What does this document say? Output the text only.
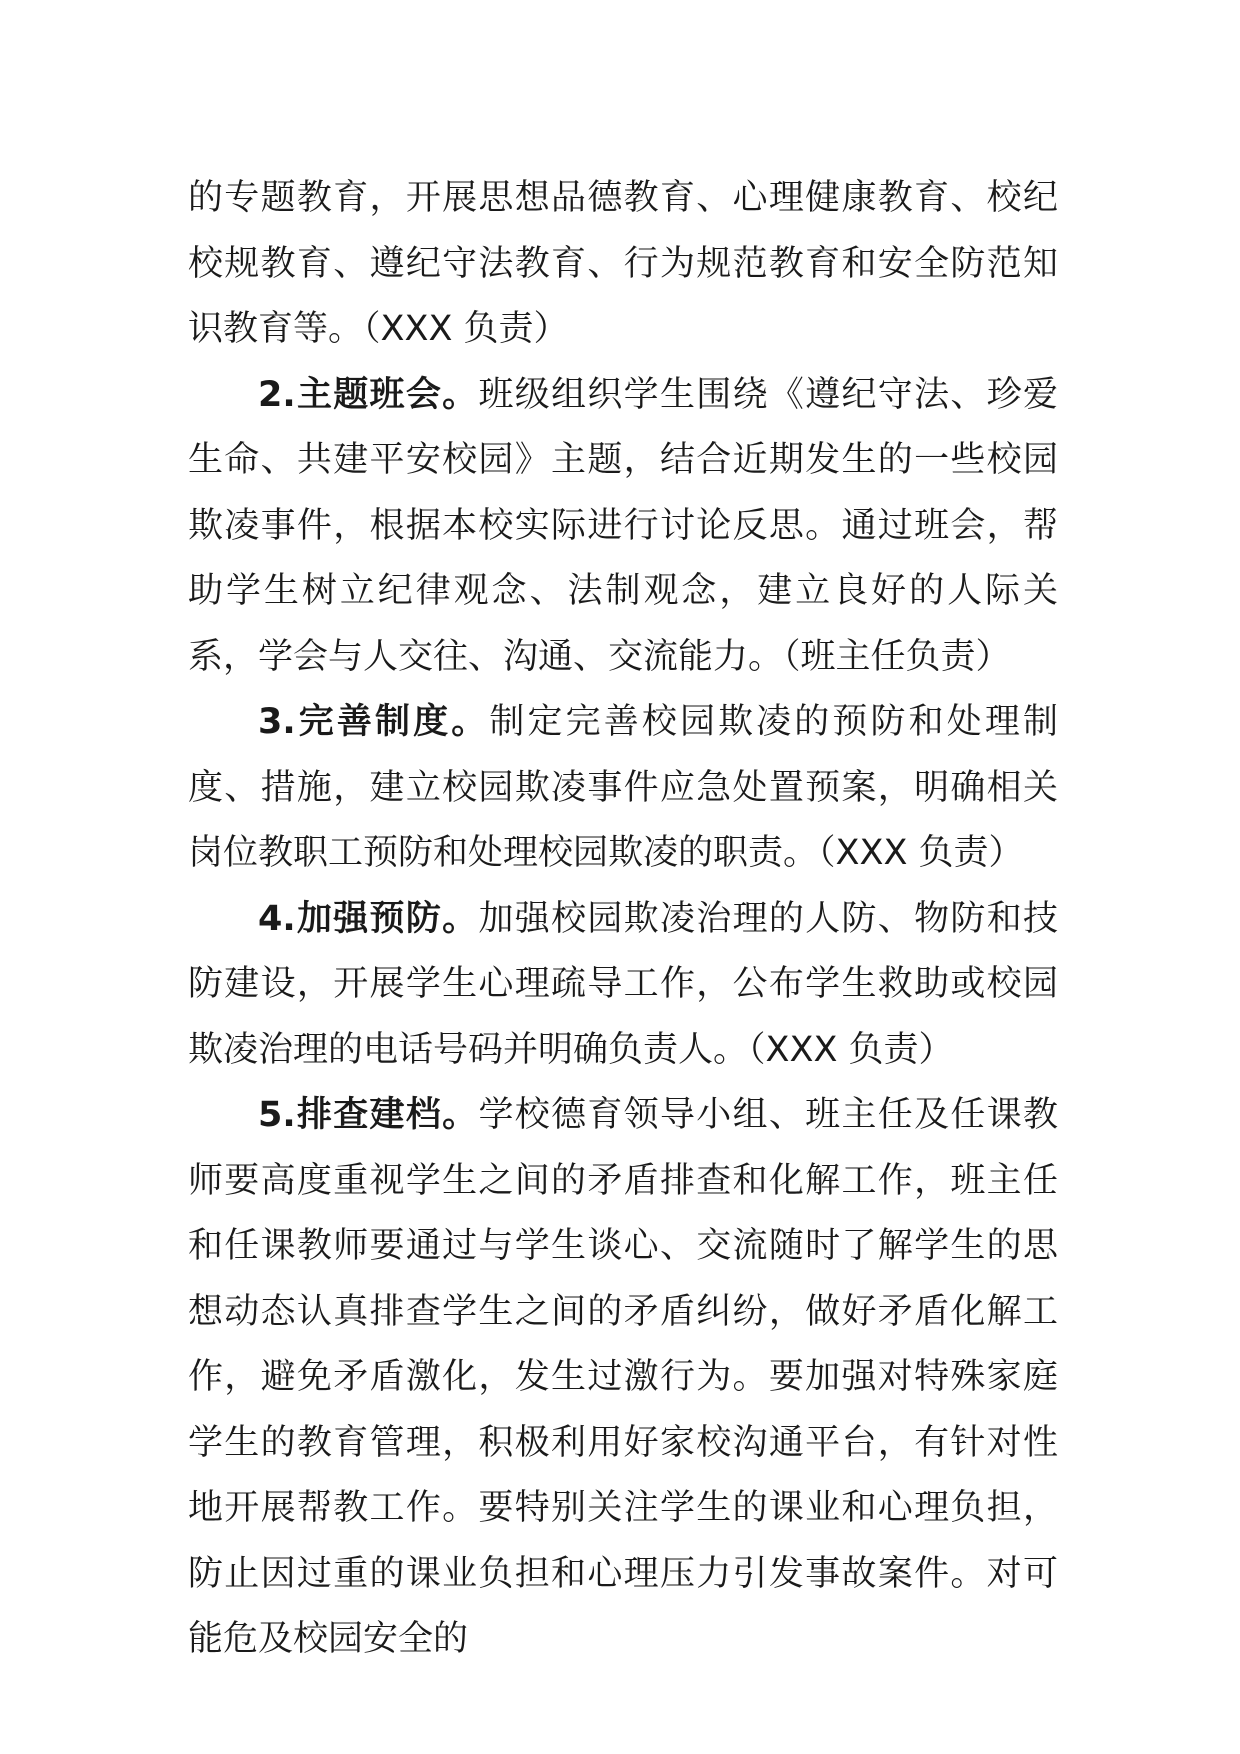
的专题教育，开展思想品德教育、心理健康教育、校纪校规教育、遵纪守法教育、行为规范教育和安全防范知识教育等。（XXX 负责）

2.主题班会。班级组织学生围绕《遵纪守法、珍爱生命、共建平安校园》主题，结合近期发生的一些校园欺凌事件，根据本校实际进行讨论反思。通过班会，帮助学生树立纪律观念、法制观念，建立良好的人际关系，学会与人交往、沟通、交流能力。（班主任负责）

3.完善制度。制定完善校园欺凌的预防和处理制度、措施，建立校园欺凌事件应急处置预案，明确相关岗位教职工预防和处理校园欺凌的职责。（XXX 负责）

4.加强预防。加强校园欺凌治理的人防、物防和技防建设，开展学生心理疏导工作，公布学生救助或校园欺凌治理的电话号码并明确负责人。（XXX 负责）

5.排查建档。学校德育领导小组、班主任及任课教师要高度重视学生之间的矛盾排查和化解工作，班主任和任课教师要通过与学生谈心、交流随时了解学生的思想动态认真排查学生之间的矛盾纠纷，做好矛盾化解工作，避免矛盾激化，发生过激行为。要加强对特殊家庭学生的教育管理，积极利用好家校沟通平台，有针对性地开展帮教工作。要特别关注学生的课业和心理负担，防止因过重的课业负担和心理压力引发事故案件。对可能危及校园安全的
